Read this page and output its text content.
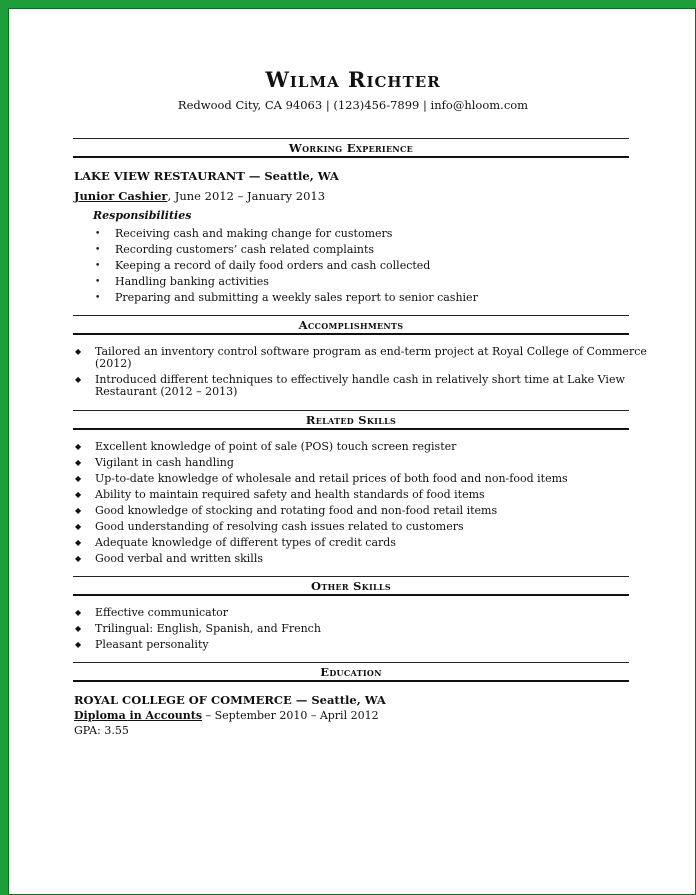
Wilma Richter
Redwood City, CA 94063 | (123)456-7899 | info@hloom.com
Working Experience
LAKE VIEW RESTAURANT — Seattle, WA
Junior Cashier, June 2012 – January 2013
Responsibilities
• Receiving cash and making change for customers
• Recording customers’ cash related complaints
• Keeping a record of daily food orders and cash collected
• Handling banking activities
• Preparing and submitting a weekly sales report to senior cashier
Accomplishments
◆ Tailored an inventory control software program as end-term project at Royal College of Commerce
(2012)
◆ Introduced different techniques to effectively handle cash in relatively short time at Lake View
Restaurant (2012 – 2013)
Related Skills
◆ Excellent knowledge of point of sale (POS) touch screen register
◆ Vigilant in cash handling
◆ Up-to-date knowledge of wholesale and retail prices of both food and non-food items
◆ Ability to maintain required safety and health standards of food items
◆ Good knowledge of stocking and rotating food and non-food retail items
◆ Good understanding of resolving cash issues related to customers
◆ Adequate knowledge of different types of credit cards
◆ Good verbal and written skills
Other Skills
◆ Effective communicator
◆ Trilingual: English, Spanish, and French
◆ Pleasant personality
Education
ROYAL COLLEGE OF COMMERCE — Seattle, WA
Diploma in Accounts – September 2010 – April 2012
GPA: 3.55
